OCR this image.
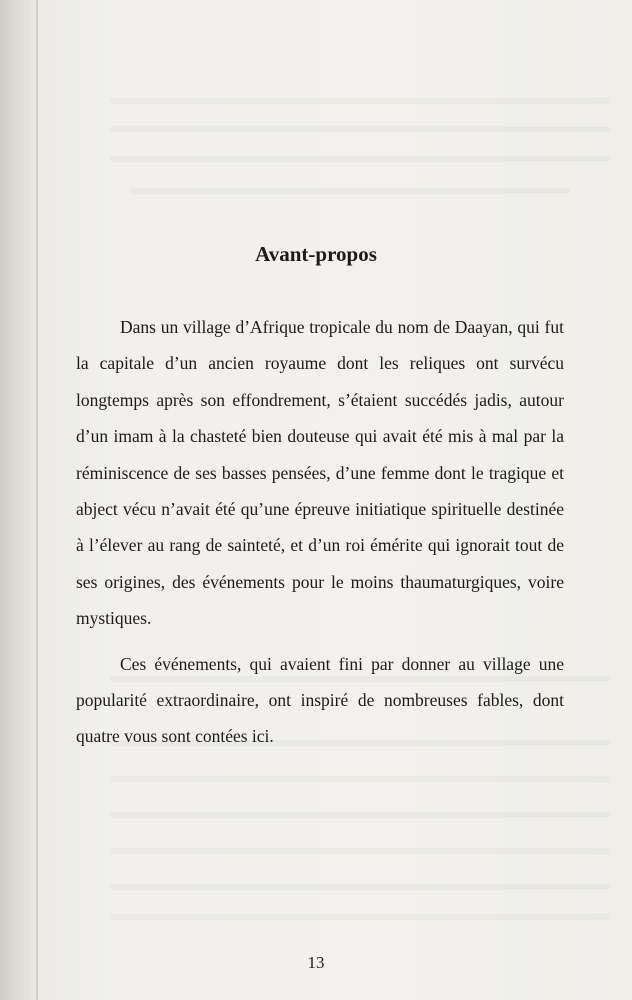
Avant-propos

Dans un village d’Afrique tropicale du nom de Daayan, qui fut la capitale d’un ancien royaume dont les reliques ont survécu longtemps après son effondrement, s’étaient succédés jadis, autour d’un imam à la chasteté bien douteuse qui avait été mis à mal par la réminiscence de ses basses pensées, d’une femme dont le tragique et abject vécu n’avait été qu’une épreuve initiatique spirituelle destinée à l’élever au rang de sainteté, et d’un roi émérite qui ignorait tout de ses origines, des événements pour le moins thaumaturgiques, voire mystiques.

Ces événements, qui avaient fini par donner au village une popularité extraordinaire, ont inspiré de nombreuses fables, dont quatre vous sont contées ici.

13
